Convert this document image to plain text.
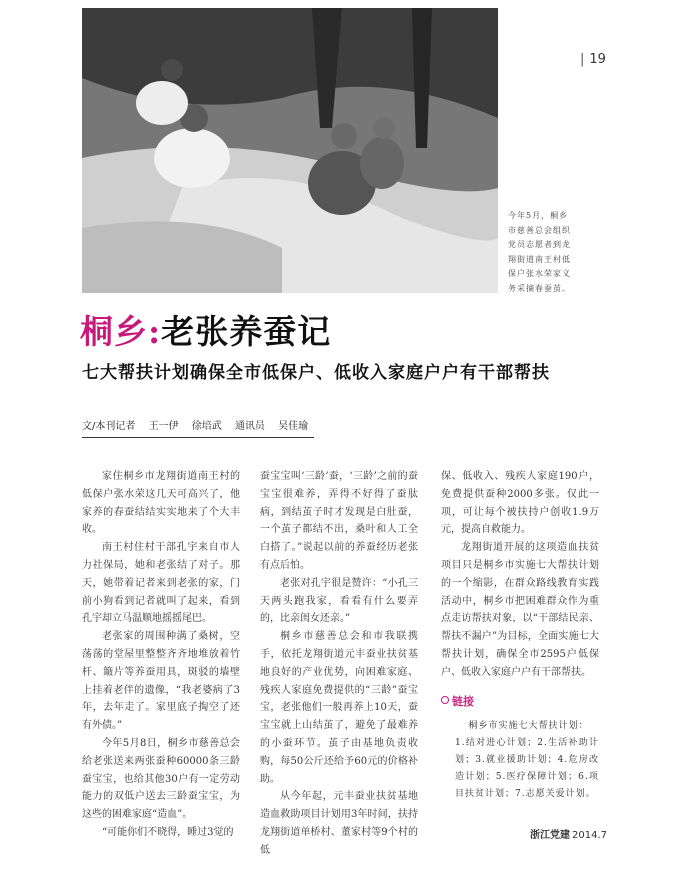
| 19
今年5月，桐乡市慈善总会组织党员志愿者到龙翔街道南王村低保户张水荣家义务采摘春蚕茧。
桐乡:老张养蚕记
七大帮扶计划确保全市低保户、低收入家庭户户有干部帮扶
文/本刊记者 王一伊 徐培武 通讯员 吴佳瑜

家住桐乡市龙翔街道南王村的低保户张水荣这几天可高兴了，他家养的春蚕结结实实地来了个大丰收。

南王村住村干部孔宇来自市人力社保局，她和老张结了对子。那天，她带着记者来到老张的家，门前小狗看到记者就叫了起来，看到孔宇却立马温顺地摇摇尾巴。

老张家的周围种满了桑树，空荡荡的堂屋里整整齐齐地堆放着竹杆、簸片等养蚕用具，斑驳的墙壁上挂着老伴的遗像，“我老婆病了3年，去年走了。家里底子掏空了还有外债。”

今年5月8日，桐乡市慈善总会给老张送来两张蚕种60000条三龄蚕宝宝，也给其他30户有一定劳动能力的双低户送去三龄蚕宝宝，为这些的困难家庭“造血”。

“可能你们不晓得，睡过3觉的

蚕宝宝叫‘三龄’蚕，‘三龄’之前的蚕宝宝很难养，弄得不好得了蚕肽病，到结茧子时才发现是白肚蚕，一个茧子都结不出，桑叶和人工全白搭了。”说起以前的养蚕经历老张有点后怕。

老张对孔宇很是赞许：“小孔三天两头跑我家，看看有什么要弄的，比亲闺女还亲。”

桐乡市慈善总会和市我联携手，依托龙翔街道元丰蚕业扶贫基地良好的产业优势，向困难家庭、残疾人家庭免费提供的“三龄”蚕宝宝，老张他们一般再养上10天，蚕宝宝就上山结茧了，避免了最难养的小蚕环节。茧子由基地负责收购，每50公斤还给予60元的价格补助。

从今年起，元丰蚕业扶贫基地造血救助项目计划用3年时间，扶持龙翔街道单桥村、董家村等9个村的低

保、低收入、残疾人家庭190户，免费提供蚕种2000多张。仅此一项，可让每个被扶持户创收1.9万元，提高自救能力。

龙翔街道开展的这项造血扶贫项目只是桐乡市实施七大帮扶计划的一个缩影，在群众路线教育实践活动中，桐乡市把困难群众作为重点走访帮扶对象，以“干部结民亲、帮扶不漏户”为目标，全面实施七大帮扶计划，确保全市2595户低保户、低收入家庭户户有干部帮扶。

链接
桐乡市实施七大帮扶计划：
1.结对进心计划；2.生活补助计划；3.就业援助计划；4.危房改造计划；5.医疗保障计划；6.项目扶贫计划；7.志愿关爱计划。
浙江党建 2014.7
